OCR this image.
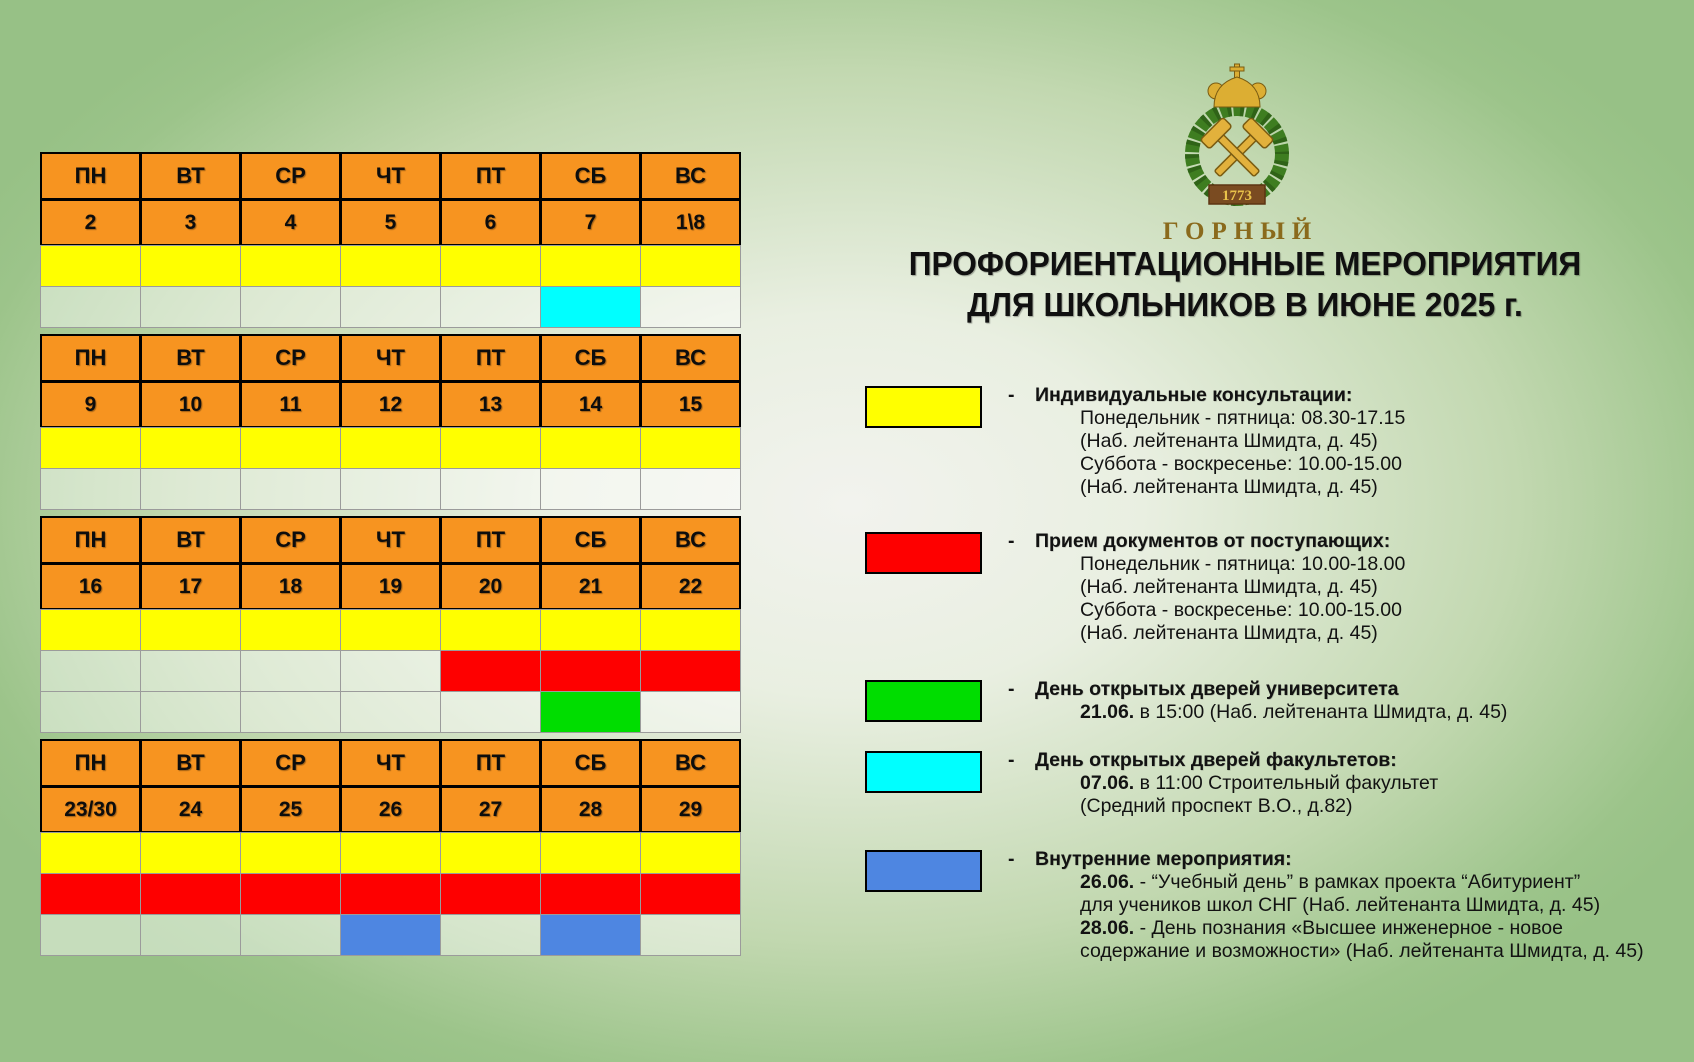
ПН	ВТ	СР	ЧТ	ПТ	СБ	ВС
2	3	4	5	6	7	1\8
ПН	ВТ	СР	ЧТ	ПТ	СБ	ВС
9	10	11	12	13	14	15
ПН	ВТ	СР	ЧТ	ПТ	СБ	ВС
16	17	18	19	20	21	22
ПН	ВТ	СР	ЧТ	ПТ	СБ	ВС
23/30	24	25	26	27	28	29
1773
ГОРНЫЙ
ПРОФОРИЕНТАЦИОННЫЕ МЕРОПРИЯТИЯ
ДЛЯ ШКОЛЬНИКОВ В ИЮНЕ 2025 г.
- Индивидуальные консультации:
Понедельник - пятница: 08.30-17.15
(Наб. лейтенанта Шмидта, д. 45)
Суббота - воскресенье: 10.00-15.00
(Наб. лейтенанта Шмидта, д. 45)
- Прием документов от поступающих:
Понедельник - пятница: 10.00-18.00
(Наб. лейтенанта Шмидта, д. 45)
Суббота - воскресенье: 10.00-15.00
(Наб. лейтенанта Шмидта, д. 45)
- День открытых дверей университета
21.06. в 15:00 (Наб. лейтенанта Шмидта, д. 45)
- День открытых дверей факультетов:
07.06. в 11:00 Строительный факультет
(Средний проспект В.О., д.82)
- Внутренние мероприятия:
26.06. - “Учебный день” в рамках проекта “Абитуриент”
для учеников школ СНГ (Наб. лейтенанта Шмидта, д. 45)
28.06. - День познания «Высшее инженерное - новое
содержание и возможности» (Наб. лейтенанта Шмидта, д. 45)
